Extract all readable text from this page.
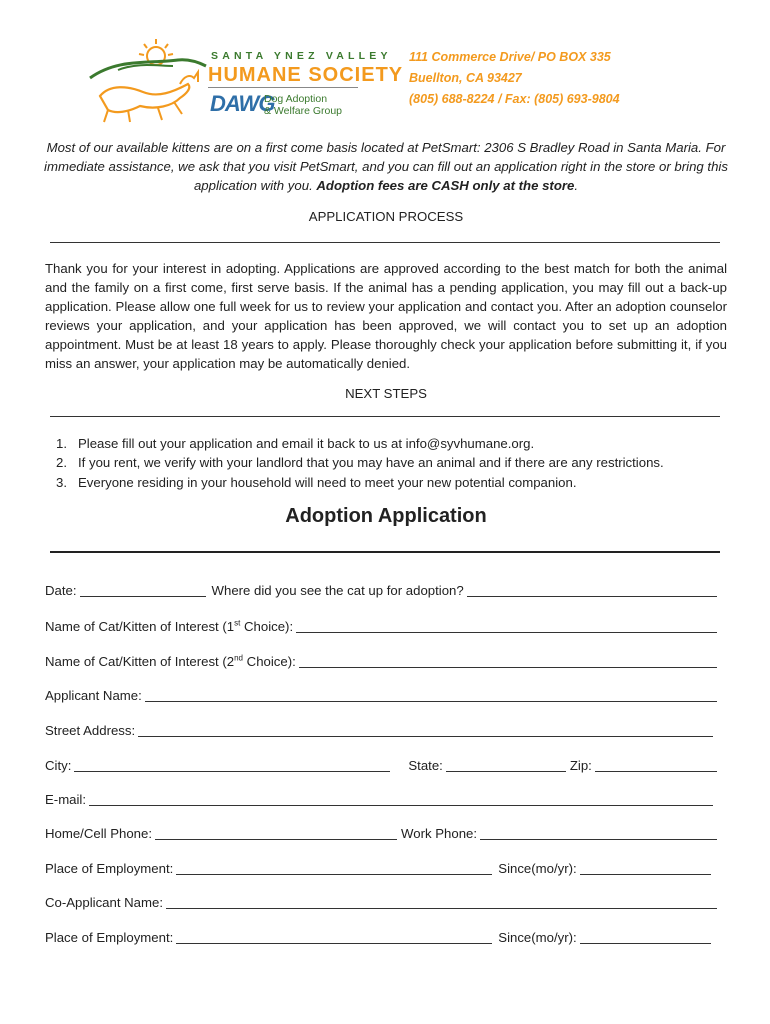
SANTA YNEZ VALLEY
HUMANE SOCIETY
DAWG
Dog Adoption
& Welfare Group
111 Commerce Drive/ PO BOX 335
Buellton, CA 93427
(805) 688-8224 / Fax: (805) 693-9804
Most of our available kittens are on a first come basis located at PetSmart: 2306 S Bradley Road in Santa Maria. For immediate assistance, we ask that you visit PetSmart, and you can fill out an application right in the store or bring this application with you. Adoption fees are CASH only at the store.
APPLICATION PROCESS
Thank you for your interest in adopting. Applications are approved according to the best match for both the animal and the family on a first come, first serve basis. If the animal has a pending application, you may fill out a back-up application. Please allow one full week for us to review your application and contact you. After an adoption counselor reviews your application, and your application has been approved, we will contact you to set up an adoption appointment. Must be at least 18 years to apply. Please thoroughly check your application before submitting it, if you miss an answer, your application may be automatically denied.
NEXT STEPS
1. Please fill out your application and email it back to us at info@syvhumane.org.
2. If you rent, we verify with your landlord that you may have an animal and if there are any restrictions.
3. Everyone residing in your household will need to meet your new potential companion.
Adoption Application
Date:	Where did you see the cat up for adoption?
Name of Cat/Kitten of Interest (1st Choice):
Name of Cat/Kitten of Interest (2nd Choice):
Applicant Name:
Street Address:
City:	State:	Zip:
E-mail:
Home/Cell Phone:	Work Phone:
Place of Employment:	Since(mo/yr):
Co-Applicant Name:
Place of Employment:	Since(mo/yr):
